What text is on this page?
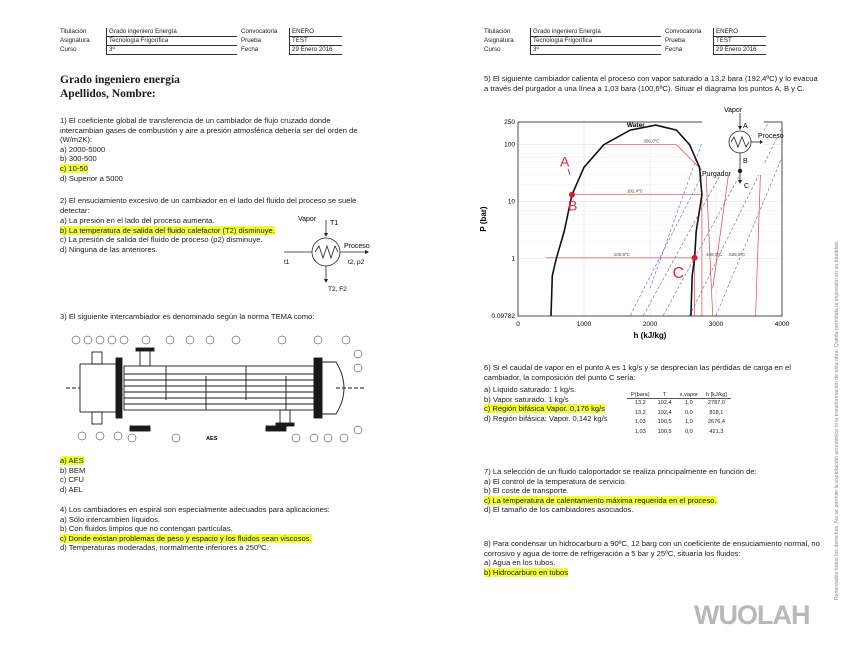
Titulación	Grado ingeniero Energía	Convocatoria	ENERO
Asignatura	Tecnología Frigorífica	Prueba	TEST
Curso	3º	Fecha	29 Enero 2016
Grado ingeniero energía
Apellidos, Nombre:
1) El coeficiente global de transferencia de un cambiador de flujo cruzado donde intercambian gases de combustión y aire a presión atmosférica debería ser del orden de (W/m2K):
a) 2000-5000
b) 300-500
c) 10-50
d) Superior a 5000
2) El ensuciamiento excesivo de un cambiador en el lado del fluido del proceso se suele detectar:
a) La presión en el lado del proceso aumenta.
b) La temperatura de salida del fluido calefactor (T2) disminuye.
c) La presión de salida del fluido de proceso (p2) disminuye.
d) Ninguna de las anteriores.
Vapor
T1
Proceso
t1	t2, p2
T2, F2
3) El siguiente intercambiador es denominado según la norma TEMA como:
AES
a) AES
b) BEM
c) CFU
d) AEL
4) Los cambiadores en espiral son especialmente adecuados para aplicaciones:
a) Sólo intercambien líquidos.
b) Con fluidos limpios que no contengan partículas.
c) Donde existan problemas de peso y espacio y los fluidos sean viscosos.
d) Temperaturas moderadas, normalmente inferiores a 250ºC.
Titulación	Grado ingeniero Energía	Convocatoria	ENERO
Asignatura	Tecnología Frigorífica	Prueba	TEST
Curso	3º	Fecha	29 Enero 2016
5) El siguiente cambiador calienta el proceso con vapor saturado a 13,2 bara (192,4ºC) y lo evacua a través del purgador a una línea a 1,03 bara (100,6ºC). Situar el diagrama los puntos A, B y C.
0	1000	2000	3000	4000
0.09782
1
10
100
250
300,0ºC
192,4ºC
100,6ºC	449,3ºC 635,8ºC
A
B
C
Water
h (kJ/kg)
P (bar)
Vapor
A
Proceso
B
Purgador
C
6) Si el caudal de vapor en el punto A es 1 kg/s y se desprecian las pérdidas de carga en el cambiador, la composición del punto C sería:
a) Líquido saturado: 1 kg/s.
b) Vapor saturado. 1 kg/s
c) Región bifásica Vapor. 0,176 kg/s
d) Región bifásica: Vapor. 0,142 kg/s
P(bara)	T	x,vapor	h [kJ/kg]
13,2	192,4	1,0	2787,0
13,2	192,4	0,0	818,1
1,03	100,5	1,0	2676,4
1,03	100,5	0,0	421,3
7) La selección de un fluido caloportador se realiza principalmente en función de:
a) El control de la temperatura de servicio.
b) El coste de transporte.
c) La temperatura de calentamiento máxima requerida en el proceso.
d) El tamaño de los cambiadores asociados.
8) Para condensar un hidrocarburo a 90ºC, 12 barg con un coeficiente de ensuciamiento normal, no corrosivo y agua de torre de refrigeración a 5 bar y 25ºC, situaría los fluidos:
a) Agua en los tubos.
b) Hidrocarburo en tubos	Reservados todos los derechos. No se permite la explotación económica ni la transformación de esta obra. Queda permitida la impresión en su totalidad.
WUOLAH
